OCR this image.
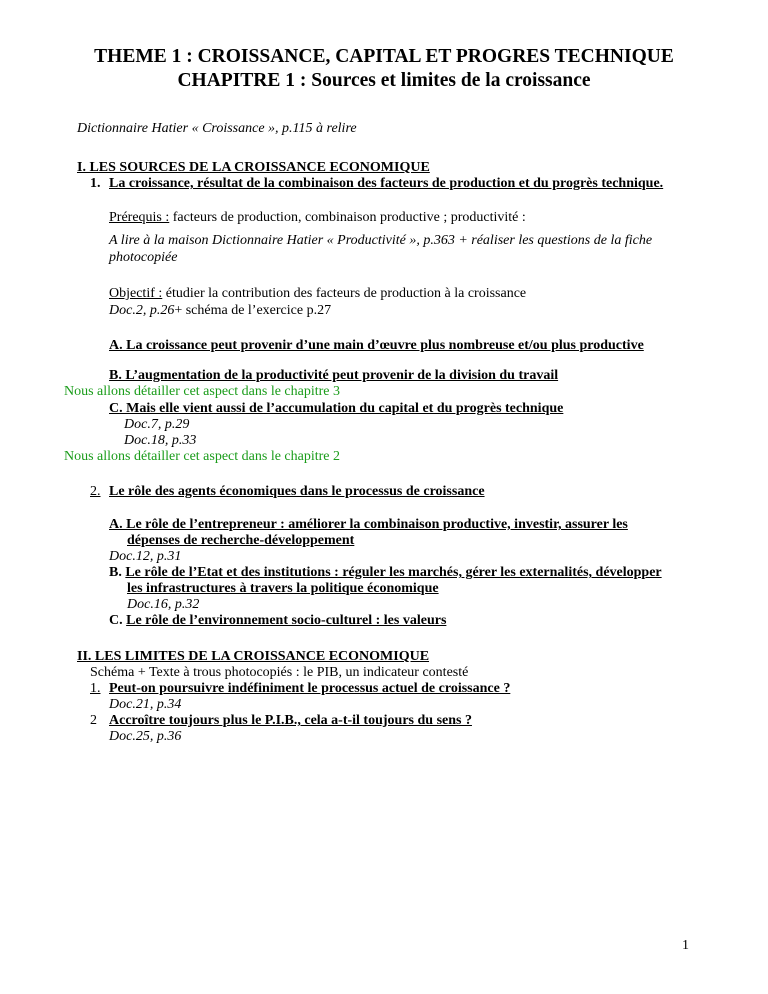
THEME 1 : CROISSANCE, CAPITAL ET PROGRES TECHNIQUE
CHAPITRE 1 : Sources et limites de la croissance
Dictionnaire Hatier « Croissance », p.115 à relire
I. LES SOURCES DE LA CROISSANCE ECONOMIQUE
1. La croissance, résultat de la combinaison des facteurs de production et du progrès technique.
Prérequis : facteurs de production, combinaison productive ; productivité :
A lire à la maison Dictionnaire Hatier « Productivité », p.363 + réaliser les questions de la fiche
photocopiée
Objectif : étudier la contribution des facteurs de production à la croissance
Doc.2, p.26+ schéma de l’exercice p.27
A. La croissance peut provenir d’une main d’œuvre plus nombreuse et/ou plus productive
B. L’augmentation de la productivité peut provenir de la division du travail
Nous allons détailler cet aspect dans le chapitre 3
C. Mais elle vient aussi de l’accumulation du capital et du progrès technique
Doc.7, p.29
Doc.18, p.33
Nous allons détailler cet aspect dans le chapitre 2
2. Le rôle des agents économiques dans le processus de croissance
A. Le rôle de l’entrepreneur : améliorer la combinaison productive, investir, assurer les
dépenses de recherche-développement
Doc.12, p.31
B. Le rôle de l’Etat et des institutions : réguler les marchés, gérer les externalités, développer
les infrastructures à travers la politique économique
Doc.16, p.32
C. Le rôle de l’environnement socio-culturel : les valeurs
II. LES LIMITES DE LA CROISSANCE ECONOMIQUE
Schéma + Texte à trous photocopiés : le PIB, un indicateur contesté
1. Peut-on poursuivre indéfiniment le processus actuel de croissance ?
Doc.21, p.34
2 Accroître toujours plus le P.I.B., cela a-t-il toujours du sens ?
Doc.25, p.36
1
